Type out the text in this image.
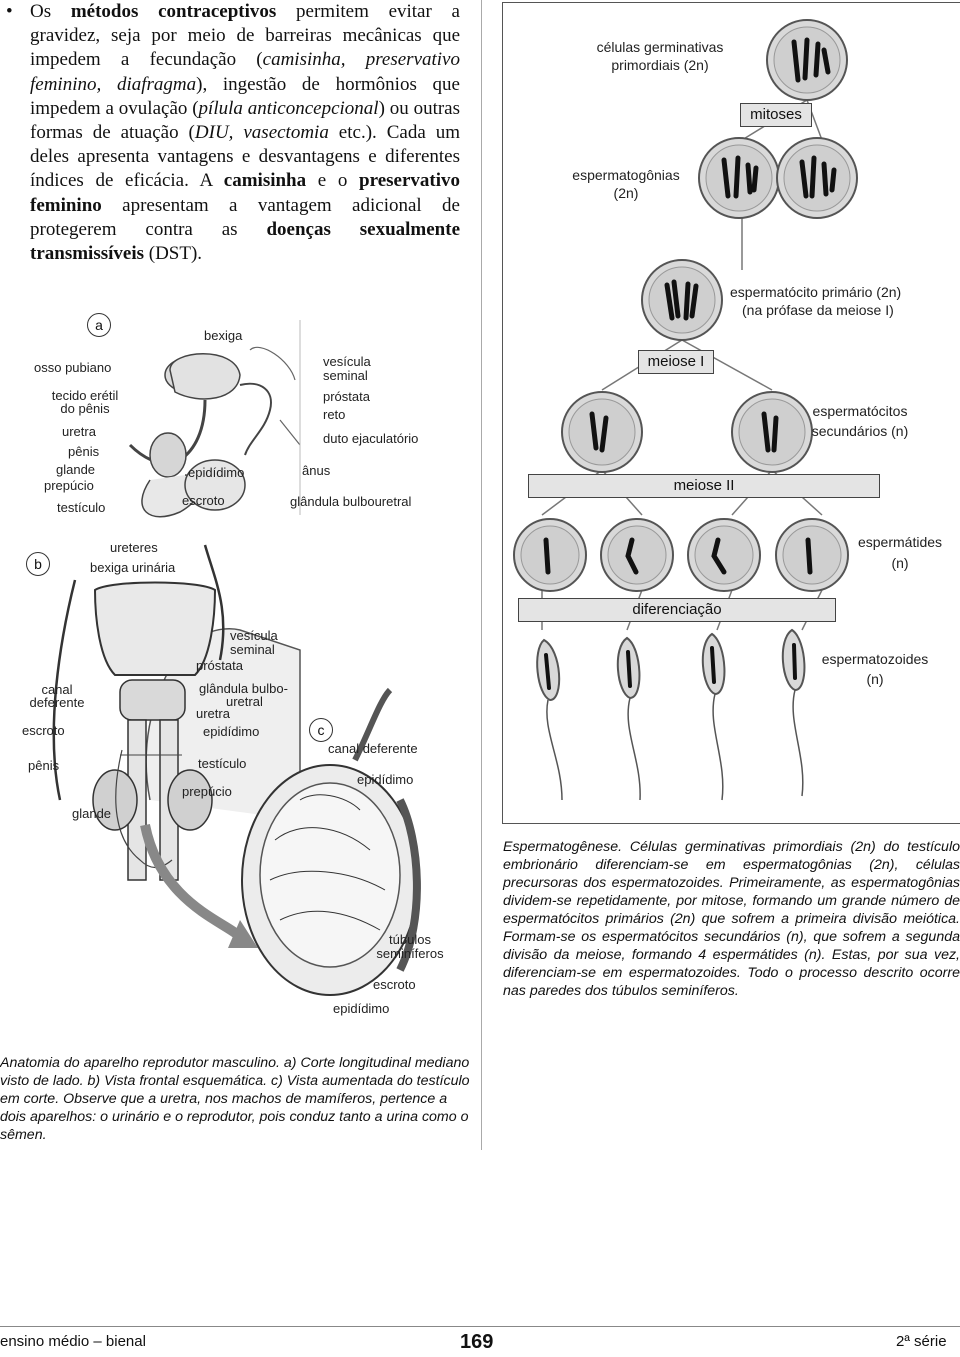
• Os métodos contraceptivos permitem evitar a gravidez, seja por meio de barreiras mecânicas que impedem a fecundação (camisinha, preservativo feminino, diafragma), ingestão de hormônios que impedem a ovulação (pílula anticoncepcional) ou outras formas de atuação (DIU, vasectomia etc.). Cada um deles apresenta vantagens e desvantagens e diferentes índices de eficácia. A camisinha e o preservativo feminino apresentam a vantagem adicional de protegerem contra as doenças sexualmente transmissíveis (DST).
a
bexiga
osso pubiano
tecido erétil
do pênis
uretra
pênis
glande
prepúcio
testículo
epidídimo
escroto
vesícula
seminal
próstata
reto
duto ejaculatório
ânus
glândula bulbouretral
b
ureteres
bexiga urinária
vesícula
seminal
próstata
glândula bulbo-
uretral
uretra
epidídimo
testículo
prepúcio
canal
deferente
escroto
pênis
glande
c
canal deferente
epidídimo
túbulos
seminíferos
escroto
epidídimo
Anatomia do aparelho reprodutor masculino. a) Corte longitudinal mediano visto de lado. b) Vista frontal esquemática. c) Vista aumentada do testículo em corte. Observe que a uretra, nos machos de mamíferos, pertence a dois aparelhos: o urinário e o reprodutor, pois conduz tanto a urina como o sêmen.
células germinativas
primordiais (2n)
mitoses
espermatogônias
(2n)
espermatócito primário (2n)
(na prófase da meiose I)
meiose I
espermatócitos
secundários (n)
meiose II
espermátides
(n)
diferenciação
espermatozoides
(n)
Espermatogênese. Células germinativas primordiais (2n) do testículo embrionário diferenciam-se em espermatogônias (2n), células precursoras dos espermatozoides. Primeiramente, as espermatogônias dividem-se repetidamente, por mitose, formando um grande número de espermatócitos primários (2n) que sofrem a primeira divisão meiótica. Formam-se os espermatócitos secundários (n), que sofrem a segunda divisão da meiose, formando 4 espermátides (n). Estas, por sua vez, diferenciam-se em espermatozoides. Todo o processo descrito ocorre nas paredes dos túbulos seminíferos.
ensino médio – bienal	169	2ª série
